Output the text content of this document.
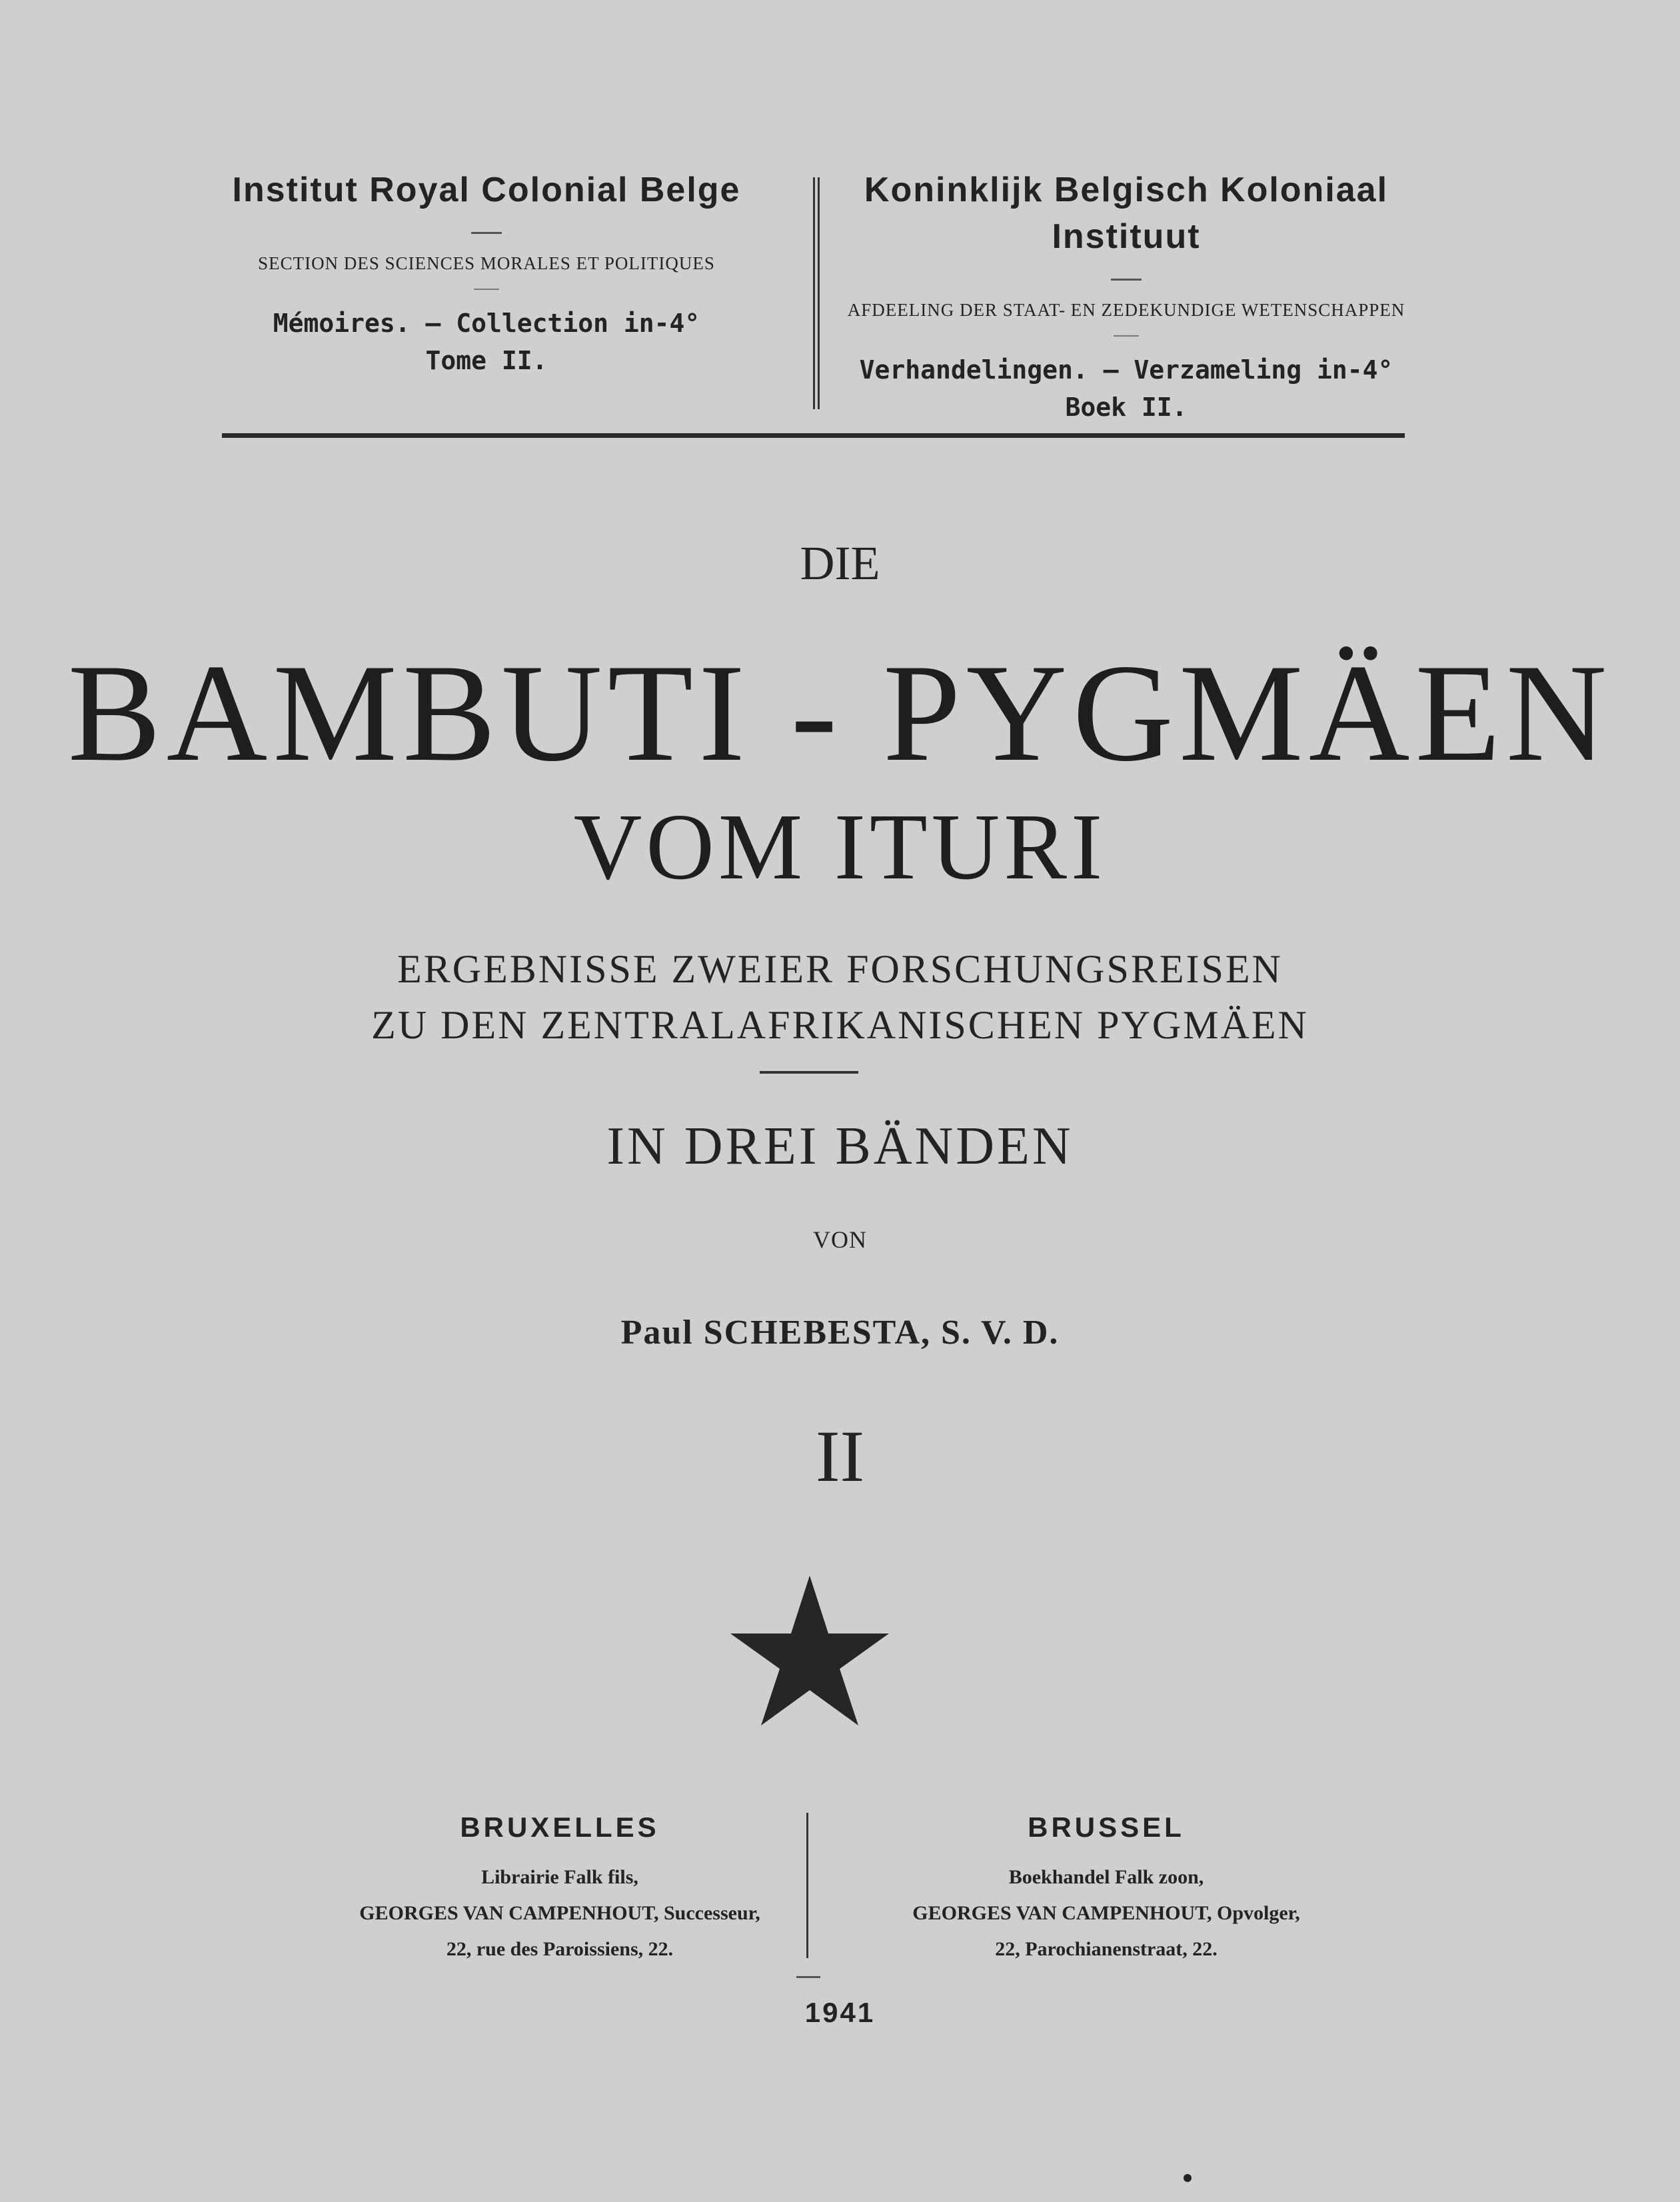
Institut Royal Colonial Belge
SECTION DES SCIENCES MORALES ET POLITIQUES
Mémoires. — Collection in-4°
Tome II.
Koninklijk Belgisch Koloniaal Instituut
AFDEELING DER STAAT- EN ZEDEKUNDIGE WETENSCHAPPEN
Verhandelingen. — Verzameling in-4°
Boek II.
DIE
BAMBUTI - PYGMÄEN
VOM ITURI
ERGEBNISSE ZWEIER FORSCHUNGSREISEN
ZU DEN ZENTRALAFRIKANISCHEN PYGMÄEN
IN DREI BÄNDEN
VON
Paul SCHEBESTA, S. V. D.
II
BRUXELLES
Librairie Falk fils,
GEORGES VAN CAMPENHOUT, Successeur,
22, rue des Paroissiens, 22.
BRUSSEL
Boekhandel Falk zoon,
GEORGES VAN CAMPENHOUT, Opvolger,
22, Parochianenstraat, 22.
1941
